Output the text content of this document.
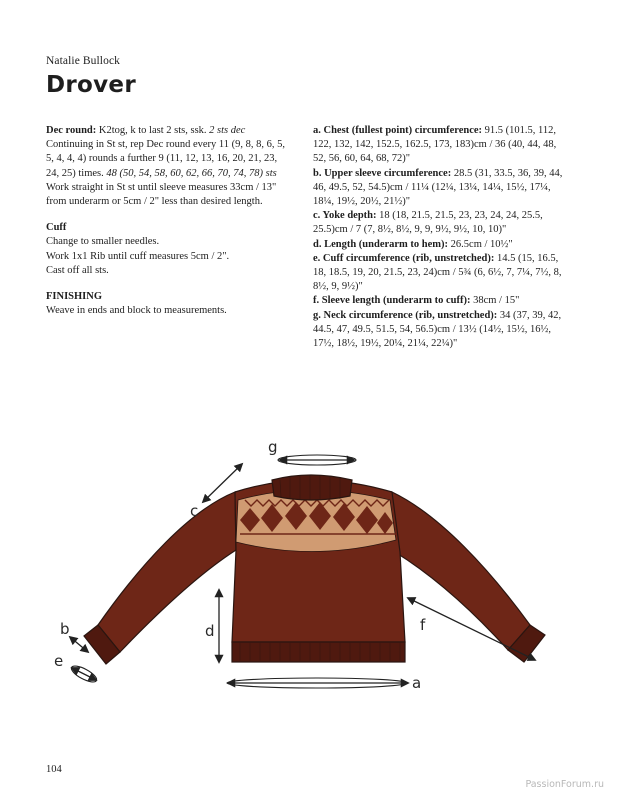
Natalie Bullock
Drover

Dec round: K2tog, k to last 2 sts, ssk. 2 sts dec

Continuing in St st, rep Dec round every 11 (9, 8, 8, 6, 5, 5, 4, 4, 4) rounds a further 9 (11, 12, 13, 16, 20, 21, 23, 24, 25) times. 48 (50, 54, 58, 60, 62, 66, 70, 74, 78) sts

Work straight in St st until sleeve measures 33cm / 13" from underarm or 5cm / 2" less than desired length.

Cuff

Change to smaller needles.

Work 1x1 Rib until cuff measures 5cm / 2".

Cast off all sts.

FINISHING

Weave in ends and block to measurements.

a. Chest (fullest point) circumference: 91.5 (101.5, 112, 122, 132, 142, 152.5, 162.5, 173, 183)cm / 36 (40, 44, 48, 52, 56, 60, 64, 68, 72)"

b. Upper sleeve circumference: 28.5 (31, 33.5, 36, 39, 44, 46, 49.5, 52, 54.5)cm / 11¼ (12¼, 13¼, 14¼, 15½, 17¼, 18¼, 19½, 20½, 21½)"

c. Yoke depth: 18 (18, 21.5, 21.5, 23, 23, 24, 24, 25.5, 25.5)cm / 7 (7, 8½, 8½, 9, 9, 9½, 9½, 10, 10)"

d. Length (underarm to hem): 26.5cm / 10½"

e. Cuff circumference (rib, unstretched): 14.5 (15, 16.5, 18, 18.5, 19, 20, 21.5, 23, 24)cm / 5¾ (6, 6½, 7, 7¼, 7½, 8, 8½, 9, 9½)"

f. Sleeve length (underarm to cuff): 38cm / 15"

g. Neck circumference (rib, unstretched): 34 (37, 39, 42, 44.5, 47, 49.5, 51.5, 54, 56.5)cm / 13½ (14½, 15½, 16½, 17½, 18½, 19½, 20¼, 21¼, 22¼)"

g
c
d	f
a
b
e
104
PassionForum.ru
